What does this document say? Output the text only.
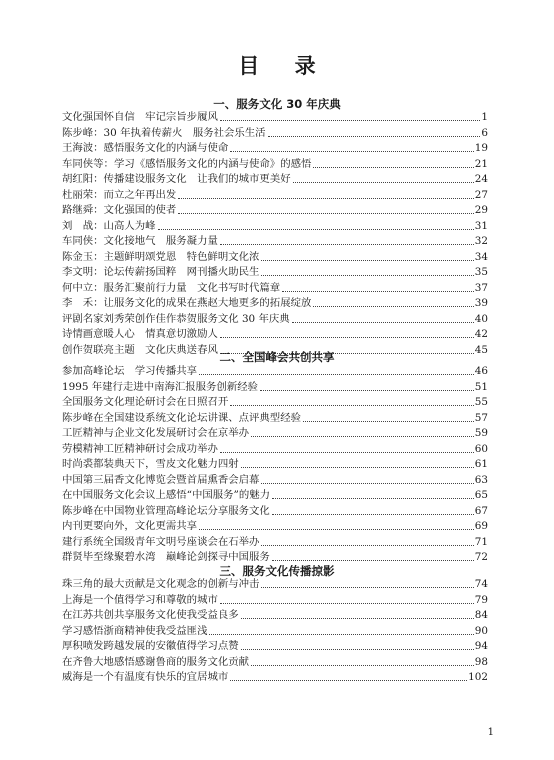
目 录
一、服务文化 30 年庆典
文化强国怀自信　牢记宗旨步履风	1
陈步峰：30 年执着传薪火　服务社会乐生活	6
王海波：感悟服务文化的内涵与使命	19
车同侠等：学习《感悟服务文化的内涵与使命》的感悟	21
胡红阳：传播建设服务文化　让我们的城市更美好	24
杜丽荣：而立之年再出发	27
路继舜：文化强国的使者	29
刘　战：山高人为峰	31
车同侠：文化接地气　服务凝力量	32
陈金玉：主题鲜明颂党恩　特色鲜明文化浓	34
李文明：论坛传薪扬国粹　网刊播火助民生	35
何中立：服务汇聚前行力量　文化书写时代篇章	37
李　禾：让服务文化的成果在燕赵大地更多的拓展绽放	39
评剧名家刘秀荣创作佳作恭贺服务文化 30 年庆典	40
诗情画意暖人心　情真意切激励人	42
创作贺联亮主题　文化庆典送春风	45
二、全国峰会共创共享
参加高峰论坛　学习传播共享	46
1995 年建行走进中南海汇报服务创新经验	51
全国服务文化理论研讨会在日照召开	55
陈步峰在全国建设系统文化论坛讲课、点评典型经验	57
工匠精神与企业文化发展研讨会在京举办	59
劳模精神工匠精神研讨会成功举办	60
时尚裘都装典天下，雪皮文化魅力四射	61
中国第三届香文化博览会暨首届熏香会启幕	63
在中国服务文化会议上感悟“中国服务”的魅力	65
陈步峰在中国物业管理高峰论坛分享服务文化	67
内刊更要向外，文化更需共享	69
建行系统全国级青年文明号座谈会在石举办	71
群贤毕至缘聚碧水湾　巅峰论剑探寻中国服务	72
三、服务文化传播掠影
珠三角的最大贡献是文化观念的创新与冲击	74
上海是一个值得学习和尊敬的城市	79
在江苏共创共享服务文化使我受益良多	84
学习感悟浙商精神使我受益匪浅	90
厚积喷发跨越发展的安徽值得学习点赞	94
在齐鲁大地感悟感谢鲁商的服务文化贡献	98
威海是一个有温度有快乐的宜居城市	102
1
